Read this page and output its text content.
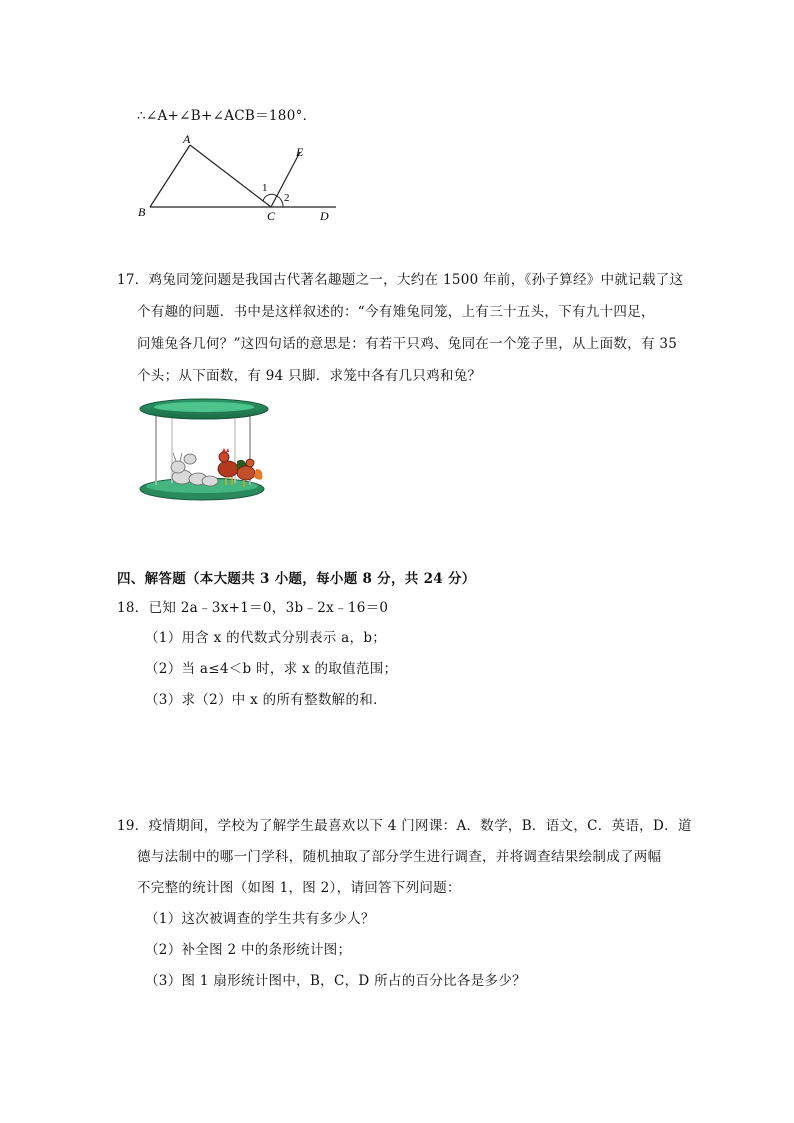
∴∠A+∠B+∠ACB＝180°．
A
B	C	D
E
1
2
17．鸡兔同笼问题是我国古代著名趣题之一，大约在 1500 年前，《孙子算经》中就记载了这
个有趣的问题．书中是这样叙述的：“今有雉兔同笼，上有三十五头，下有九十四足，
问雉兔各几何？”这四句话的意思是：有若干只鸡、兔同在一个笼子里，从上面数，有 35
个头；从下面数，有 94 只脚．求笼中各有几只鸡和兔？
四、解答题（本大题共 3 小题，每小题 8 分，共 24 分）
18．已知 2a﹣3x+1＝0，3b﹣2x﹣16＝0
（1）用含 x 的代数式分别表示 a，b；
（2）当 a≤4＜b 时，求 x 的取值范围；
（3）求（2）中 x 的所有整数解的和．
19．疫情期间，学校为了解学生最喜欢以下 4 门网课：A．数学，B．语文，C．英语，D．道
德与法制中的哪一门学科，随机抽取了部分学生进行调查，并将调查结果绘制成了两幅
不完整的统计图（如图 1，图 2），请回答下列问题：
（1）这次被调查的学生共有多少人？
（2）补全图 2 中的条形统计图；
（3）图 1 扇形统计图中，B，C，D 所占的百分比各是多少？
